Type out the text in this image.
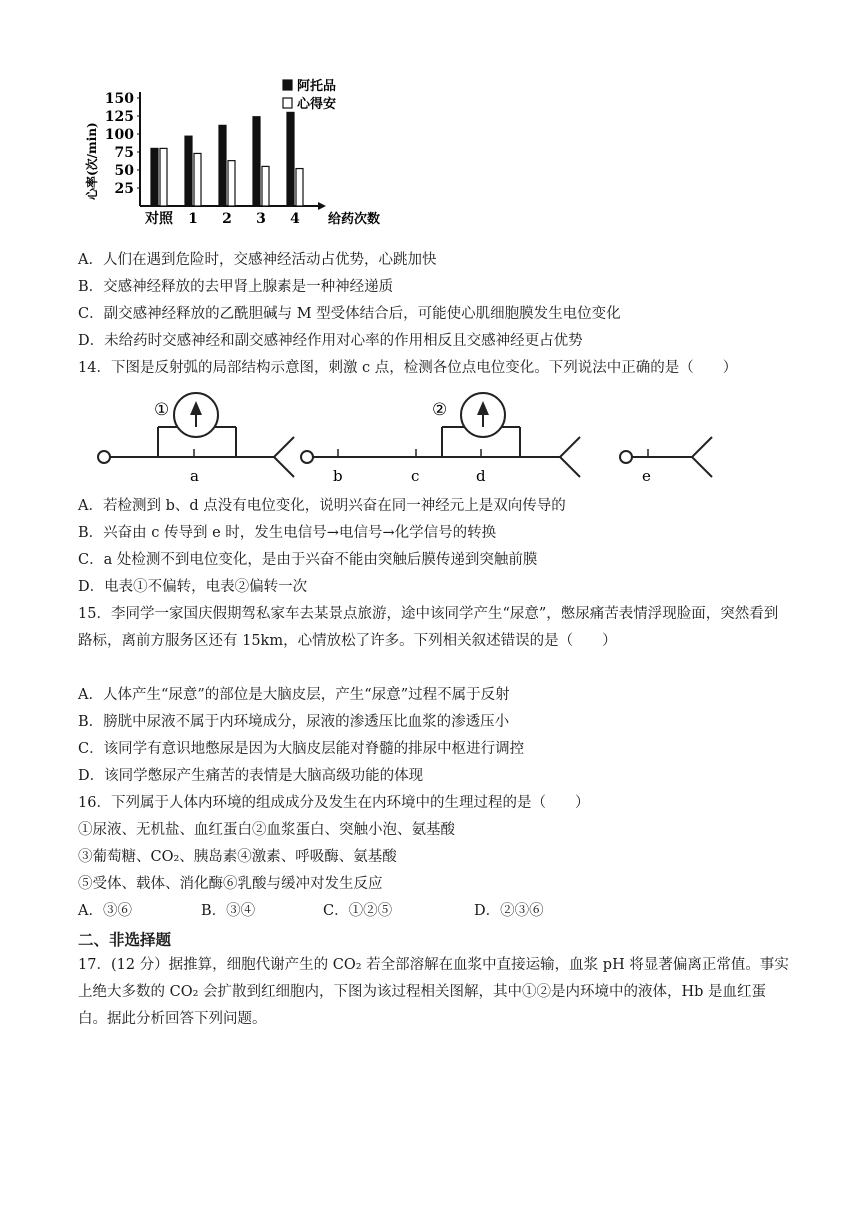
25
50
75
100
125
150
心率(次/min)
对照 1 2 3 4 给药次数
阿托品
心得安
A．人们在遇到危险时，交感神经活动占优势，心跳加快
B．交感神经释放的去甲肾上腺素是一种神经递质
C．副交感神经释放的乙酰胆碱与 M 型受体结合后，可能使心肌细胞膜发生电位变化
D．未给药时交感神经和副交感神经作用对心率的作用相反且交感神经更占优势
14．下图是反射弧的局部结构示意图，刺激 c 点，检测各位点电位变化。下列说法中正确的是（　　）
①
a	b	c	d
②
e
A．若检测到 b、d 点没有电位变化，说明兴奋在同一神经元上是双向传导的
B．兴奋由 c 传导到 e 时，发生电信号→电信号→化学信号的转换
C．a 处检测不到电位变化，是由于兴奋不能由突触后膜传递到突触前膜
D．电表①不偏转，电表②偏转一次
15．李同学一家国庆假期驾私家车去某景点旅游，途中该同学产生“尿意”，憋尿痛苦表情浮现脸面，突然看到路标，离前方服务区还有 15km，心情放松了许多。下列相关叙述错误的是（　　）
A．人体产生“尿意”的部位是大脑皮层，产生“尿意”过程不属于反射
B．膀胱中尿液不属于内环境成分，尿液的渗透压比血浆的渗透压小
C．该同学有意识地憋尿是因为大脑皮层能对脊髓的排尿中枢进行调控
D．该同学憋尿产生痛苦的表情是大脑高级功能的体现
16．下列属于人体内环境的组成成分及发生在内环境中的生理过程的是（　　）
①尿液、无机盐、血红蛋白②血浆蛋白、突触小泡、氨基酸
③葡萄糖、CO₂、胰岛素④激素、呼吸酶、氨基酸
⑤受体、载体、消化酶⑥乳酸与缓冲对发生反应
A．③⑥	B．③④	C．①②⑤	D．②③⑥
二、非选择题
17．(12 分）据推算，细胞代谢产生的 CO₂ 若全部溶解在血浆中直接运输，血浆 pH 将显著偏离正常值。事实上绝大多数的 CO₂ 会扩散到红细胞内，下图为该过程相关图解，其中①②是内环境中的液体，Hb 是血红蛋白。据此分析回答下列问题。
